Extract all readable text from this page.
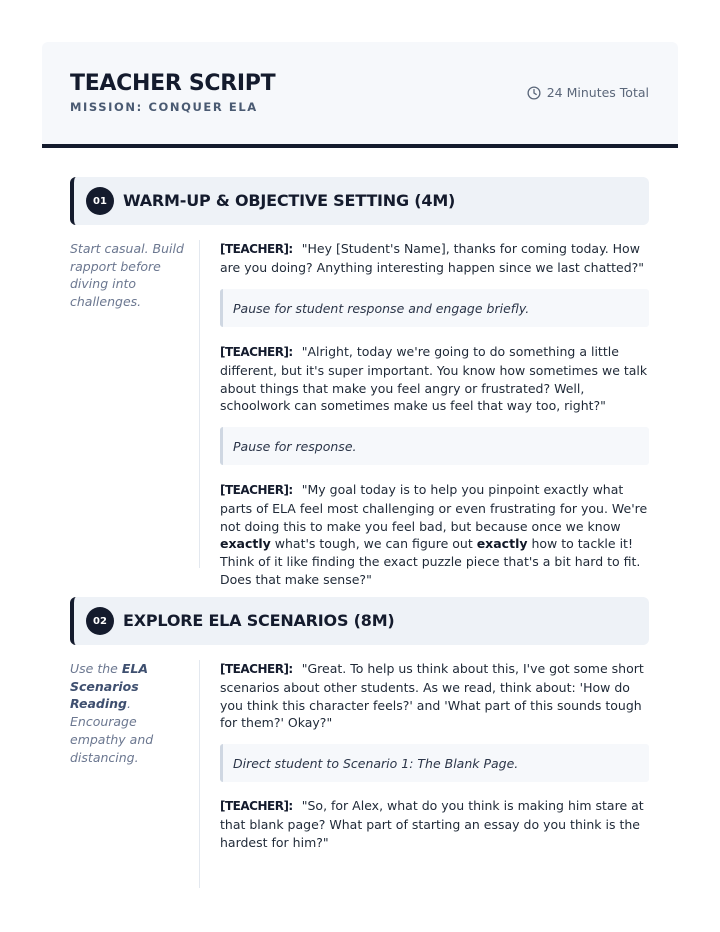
TEACHER SCRIPT
MISSION: CONQUER ELA
24 Minutes Total
01	WARM-UP & OBJECTIVE SETTING (4M)
Start casual. Build rapport before diving into challenges.
[TEACHER]: "Hey [Student's Name], thanks for coming today. How are you doing? Anything interesting happen since we last chatted?"
Pause for student response and engage briefly.
[TEACHER]: "Alright, today we're going to do something a little different, but it's super important. You know how sometimes we talk about things that make you feel angry or frustrated? Well, schoolwork can sometimes make us feel that way too, right?"
Pause for response.
[TEACHER]: "My goal today is to help you pinpoint exactly what parts of ELA feel most challenging or even frustrating for you. We're not doing this to make you feel bad, but because once we know exactly what's tough, we can figure out exactly how to tackle it! Think of it like finding the exact puzzle piece that's a bit hard to fit. Does that make sense?"
02	EXPLORE ELA SCENARIOS (8M)
Use the ELA Scenarios Reading. Encourage empathy and distancing.
[TEACHER]: "Great. To help us think about this, I've got some short scenarios about other students. As we read, think about: 'How do you think this character feels?' and 'What part of this sounds tough for them?' Okay?"
Direct student to Scenario 1: The Blank Page.
[TEACHER]: "So, for Alex, what do you think is making him stare at that blank page? What part of starting an essay do you think is the hardest for him?"
